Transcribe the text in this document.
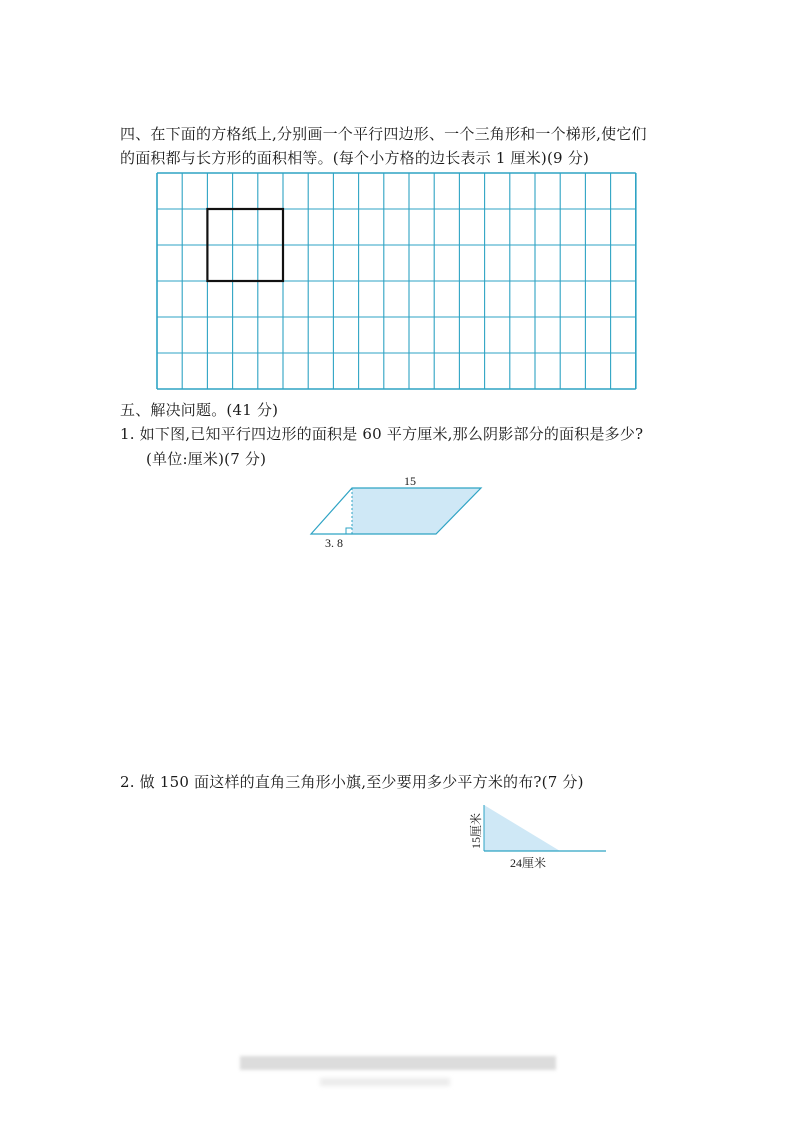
四、在下面的方格纸上,分别画一个平行四边形、一个三角形和一个梯形,使它们
的面积都与长方形的面积相等。(每个小方格的边长表示 1 厘米)(9 分)
五、解决问题。(41 分)
1. 如下图,已知平行四边形的面积是 60 平方厘米,那么阴影部分的面积是多少?
(单位:厘米)(7 分)
15
3. 8
2. 做 150 面这样的直角三角形小旗,至少要用多少平方米的布?(7 分)
15厘米
24厘米
